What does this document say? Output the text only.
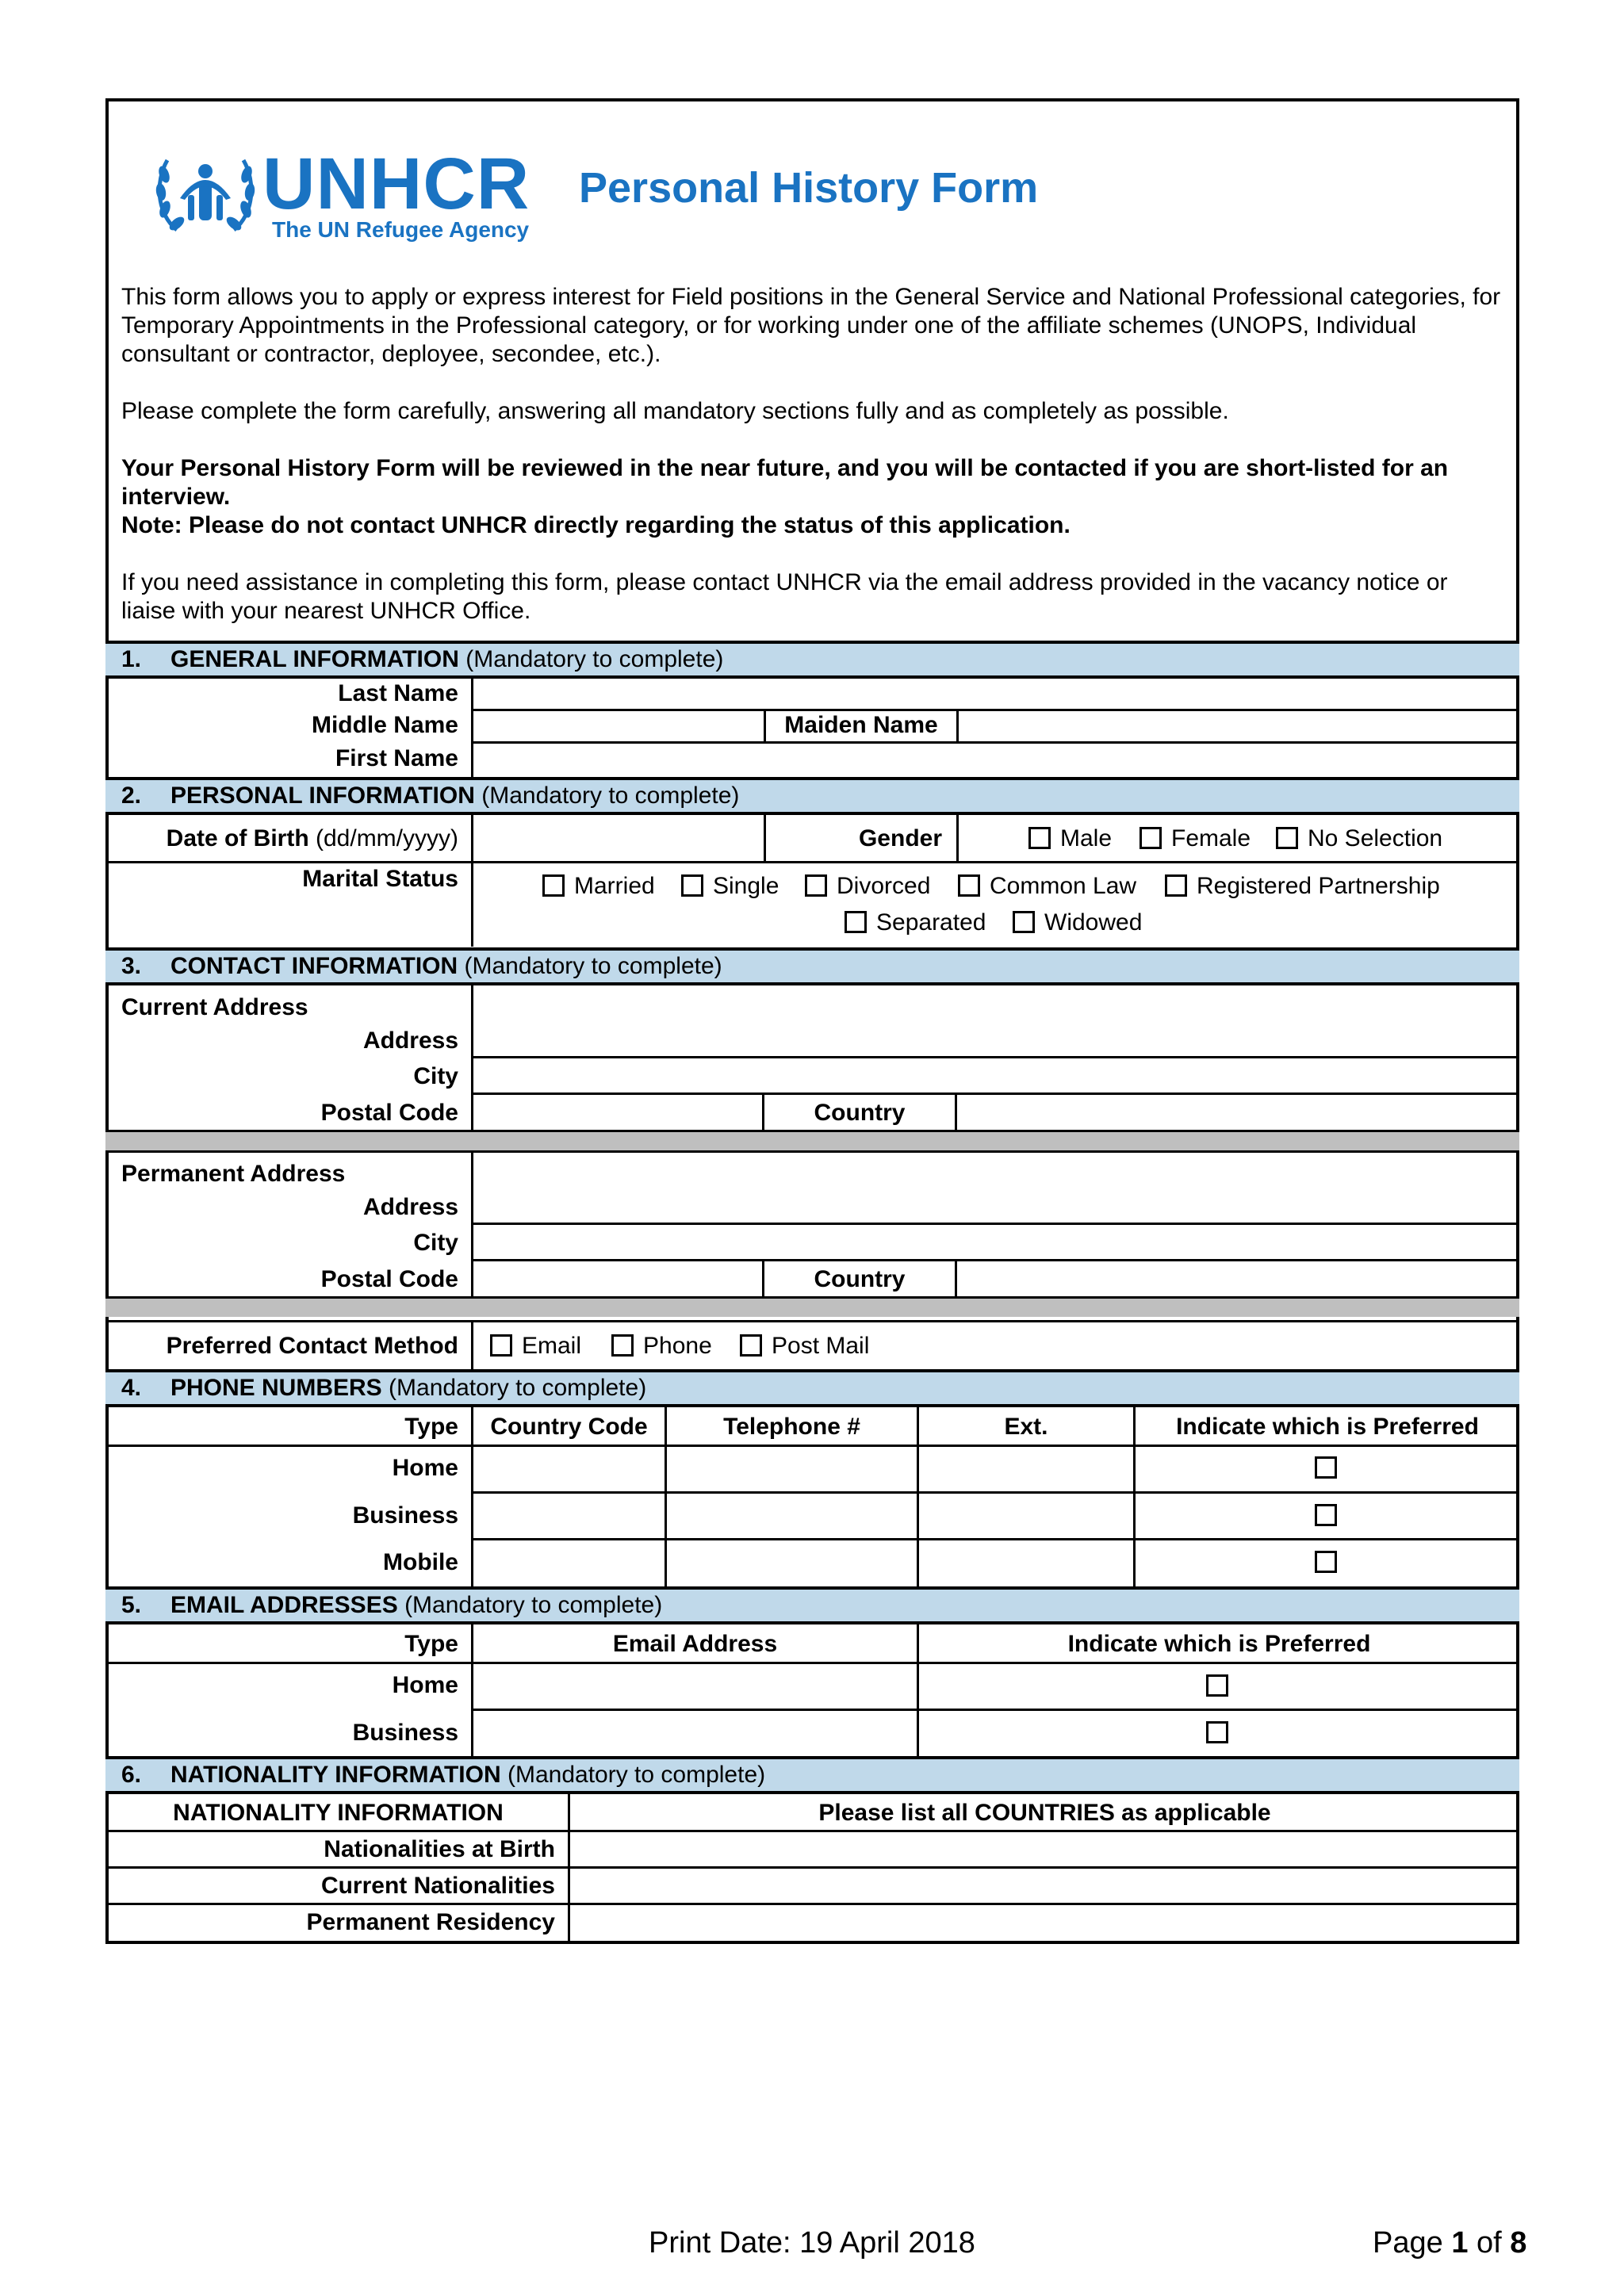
UNHCR
The UN Refugee Agency
Personal History Form

This form allows you to apply or express interest for Field positions in the General Service and National Professional categories, for Temporary Appointments in the Professional category, or for working under one of the affiliate schemes (UNOPS, Individual consultant or contractor, deployee, secondee, etc.).

Please complete the form carefully, answering all mandatory sections fully and as completely as possible.

Your Personal History Form will be reviewed in the near future, and you will be contacted if you are short-listed for an interview.

Note: Please do not contact UNHCR directly regarding the status of this application.

If you need assistance in completing this form, please contact UNHCR via the email address provided in the vacancy notice or liaise with your nearest UNHCR Office.

1. GENERAL INFORMATION (Mandatory to complete)
Last Name
Middle Name	Maiden Name
First Name
2. PERSONAL INFORMATION (Mandatory to complete)
Date of Birth (dd/mm/yyyy)	Gender	Male	Female	No Selection
Marital Status	Married	Single	Divorced	Common Law	Registered Partnership
Separated	Widowed
3. CONTACT INFORMATION (Mandatory to complete)
Current Address
Address
City
Postal Code	Country
Permanent Address
Address
City
Postal Code	Country
Preferred Contact Method	Email	Phone	Post Mail
4. PHONE NUMBERS (Mandatory to complete)
Type	Country Code	Telephone #	Ext.	Indicate which is Preferred
Home
Business
Mobile
5. EMAIL ADDRESSES (Mandatory to complete)
Type	Email Address	Indicate which is Preferred
Home
Business
6. NATIONALITY INFORMATION (Mandatory to complete)
NATIONALITY INFORMATION	Please list all COUNTRIES as applicable
Nationalities at Birth
Current Nationalities
Permanent Residency
Print Date: 19 April 2018	Page 1 of 8
